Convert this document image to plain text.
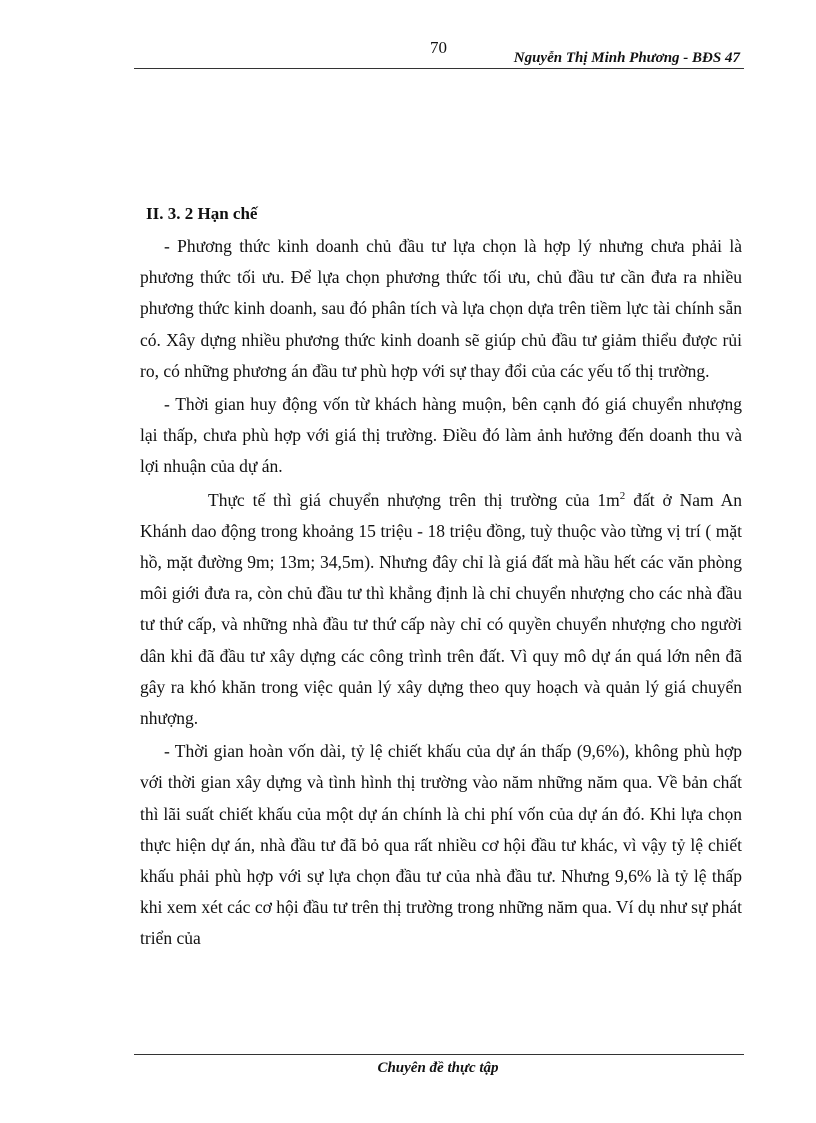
70
Nguyễn Thị Minh Phương - BĐS 47

II. 3. 2 Hạn chế

- Phương thức kinh doanh chủ đầu tư lựa chọn là hợp lý nhưng chưa phải là phương thức tối ưu. Để lựa chọn phương thức tối ưu, chủ đầu tư cần đưa ra nhiều phương thức kinh doanh, sau đó phân tích và lựa chọn dựa trên tiềm lực tài chính sẵn có. Xây dựng nhiều phương thức kinh doanh sẽ giúp chủ đầu tư giảm thiểu được rủi ro, có những phương án đầu tư phù hợp với sự thay đổi của các yếu tố thị trường.

- Thời gian huy động vốn từ khách hàng muộn, bên cạnh đó giá chuyển nhượng lại thấp, chưa phù hợp với giá thị trường. Điều đó làm ảnh hưởng đến doanh thu và lợi nhuận của dự án.

Thực tế thì giá chuyển nhượng trên thị trường của $1m^2$ đất ở Nam An Khánh dao động trong khoảng 15 triệu - 18 triệu đồng, tuỳ thuộc vào từng vị trí ( mặt hồ, mặt đường 9m; 13m; 34,5m). Nhưng đây chỉ là giá đất mà hầu hết các văn phòng môi giới đưa ra, còn chủ đầu tư thì khẳng định là chỉ chuyển nhượng cho các nhà đầu tư thứ cấp, và những nhà đầu tư thứ cấp này chỉ có quyền chuyển nhượng cho người dân khi đã đầu tư xây dựng các công trình trên đất. Vì quy mô dự án quá lớn nên đã gây ra khó khăn trong việc quản lý xây dựng theo quy hoạch và quản lý giá chuyển nhượng.

- Thời gian hoàn vốn dài, tỷ lệ chiết khấu của dự án thấp (9,6%), không phù hợp với thời gian xây dựng và tình hình thị trường vào năm những năm qua. Về bản chất thì lãi suất chiết khấu của một dự án chính là chi phí vốn của dự án đó. Khi lựa chọn thực hiện dự án, nhà đầu tư đã bỏ qua rất nhiều cơ hội đầu tư khác, vì vậy tỷ lệ chiết khấu phải phù hợp với sự lựa chọn đầu tư của nhà đầu tư. Nhưng 9,6% là tỷ lệ thấp khi xem xét các cơ hội đầu tư trên thị trường trong những năm qua. Ví dụ như sự phát triển của

Chuyên đề thực tập
